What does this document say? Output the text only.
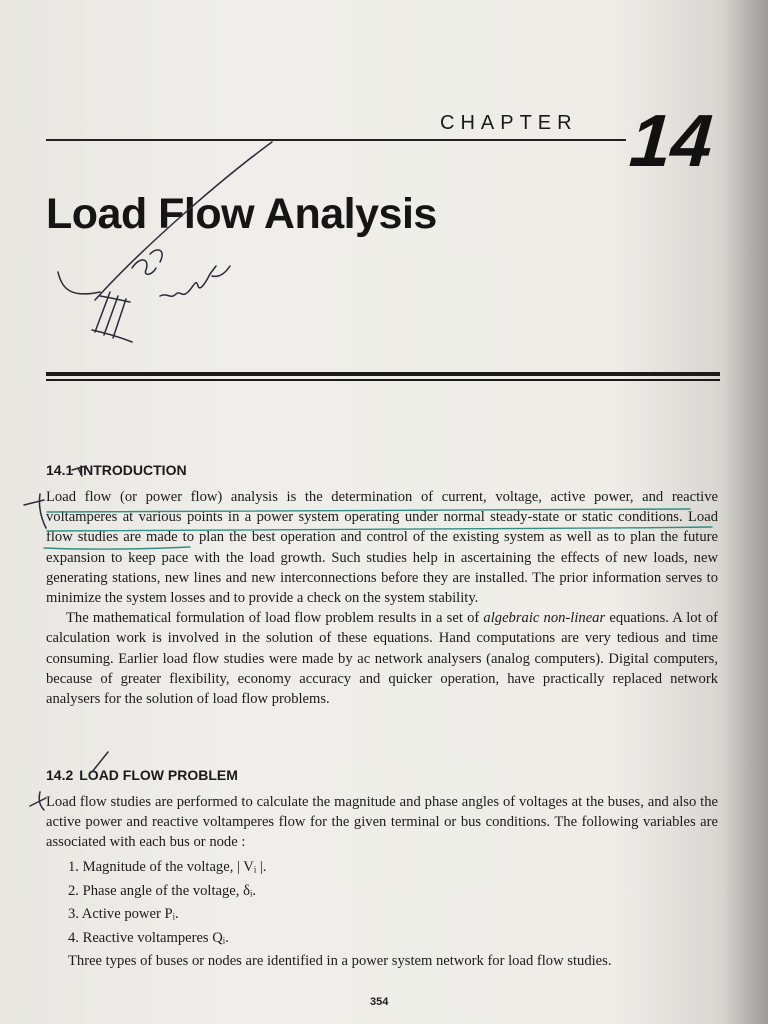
CHAPTER 14
Load Flow Analysis
14.1 INTRODUCTION

Load flow (or power flow) analysis is the determination of current, voltage, active power, and reactive voltamperes at various points in a power system operating under normal steady-state or static conditions. Load flow studies are made to plan the best operation and control of the existing system as well as to plan the future expansion to keep pace with the load growth. Such studies help in ascertaining the effects of new loads, new generating stations, new lines and new interconnections before they are installed. The prior information serves to minimize the system losses and to provide a check on the system stability.

The mathematical formulation of load flow problem results in a set of algebraic non-linear equations. A lot of calculation work is involved in the solution of these equations. Hand computations are very tedious and time consuming. Earlier load flow studies were made by ac network analysers (analog computers). Digital computers, because of greater flexibility, economy accuracy and quicker operation, have practically replaced network analysers for the solution of load flow problems.

14.2 LOAD FLOW PROBLEM

Load flow studies are performed to calculate the magnitude and phase angles of voltages at the buses, and also the active power and reactive voltamperes flow for the given terminal or bus conditions. The following variables are associated with each bus or node :

1. Magnitude of the voltage, | Vᵢ |.
2. Phase angle of the voltage, δᵢ.
3. Active power Pᵢ.
4. Reactive voltamperes Qᵢ.
Three types of buses or nodes are identified in a power system network for load flow studies.
354
III rd unit
